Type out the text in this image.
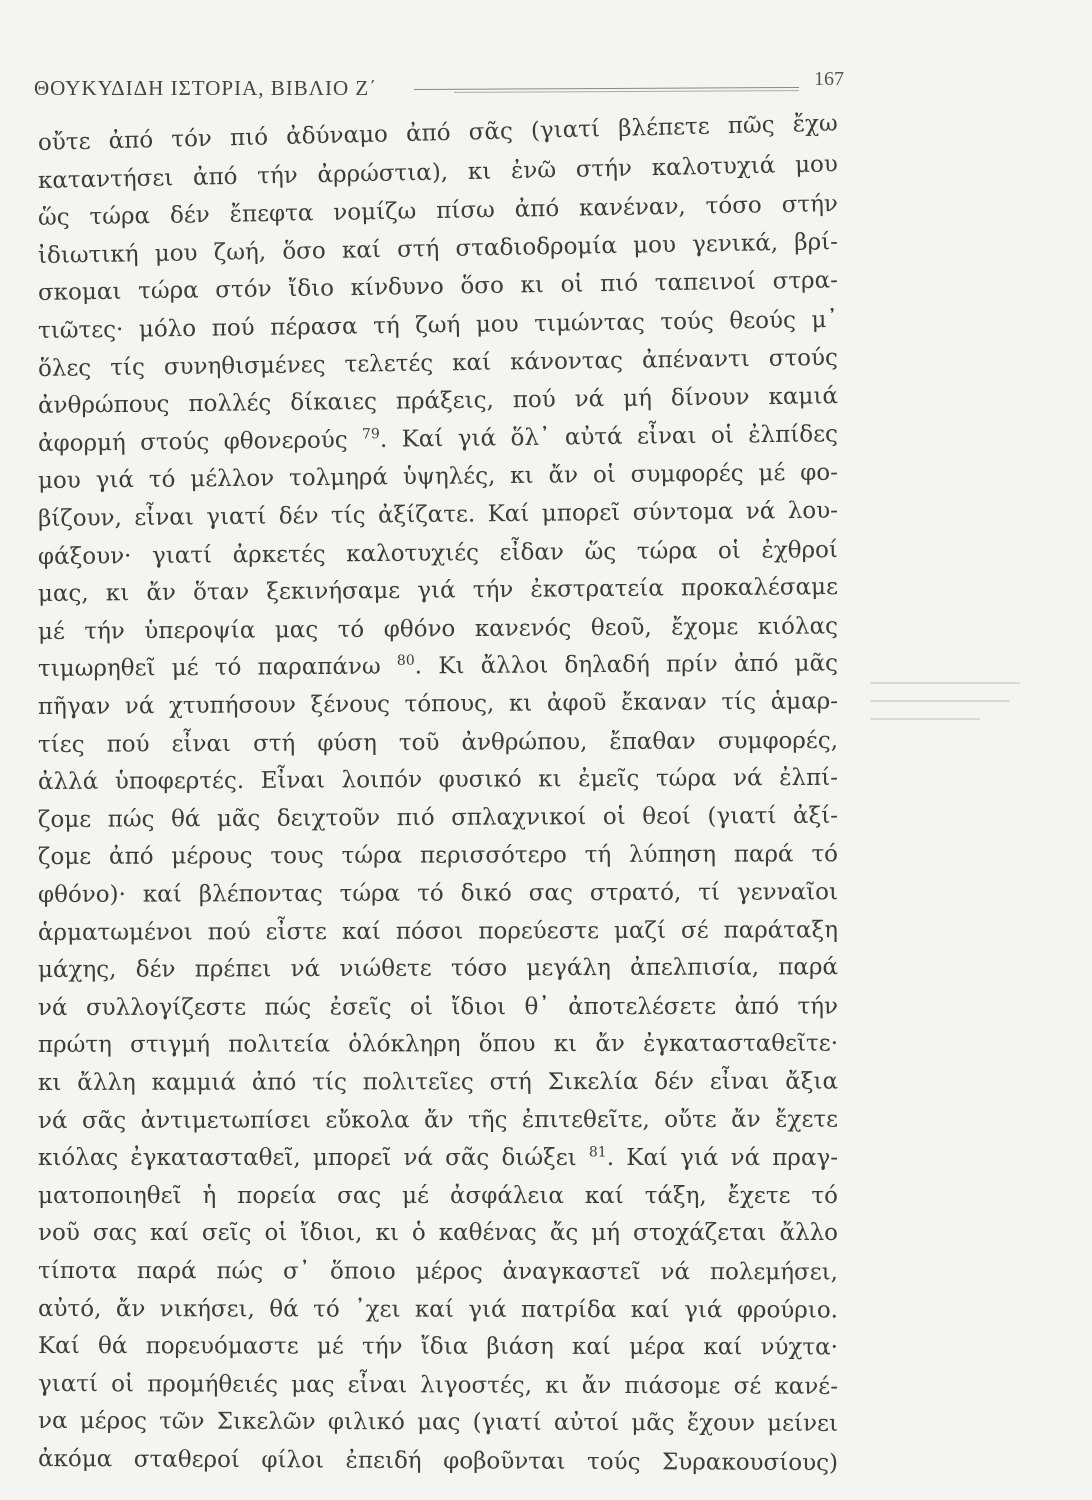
ΘΟΥΚΥΔΙΔΗ ΙΣΤΟΡΙΑ, ΒΙΒΛΙΟ Ζ΄	167
οὔτε ἀπό τόν πιό ἀδύναμο ἀπό σᾶς (γιατί βλέπετε πῶς ἔχω
καταντήσει ἀπό τήν ἀρρώστια), κι ἐνῶ στήν καλοτυχιά μου
ὥς τώρα δέν ἔπεφτα νομίζω πίσω ἀπό κανέναν, τόσο στήν
ἰδιωτική μου ζωή, ὅσο καί στή σταδιοδρομία μου γενικά, βρί-
σκομαι τώρα στόν ἴδιο κίνδυνο ὅσο κι οἱ πιό ταπεινοί στρα-
τιῶτες· μόλο πού πέρασα τή ζωή μου τιμώντας τούς θεούς μ᾽
ὅλες τίς συνηθισμένες τελετές καί κάνοντας ἀπέναντι στούς
ἀνθρώπους πολλές δίκαιες πράξεις, πού νά μή δίνουν καμιά
ἀφορμή στούς φθονερούς $^{79}$. Καί γιά ὅλ᾽ αὐτά εἶναι οἱ ἐλπίδες
μου γιά τό μέλλον τολμηρά ὑψηλές, κι ἄν οἱ συμφορές μέ φο-
βίζουν, εἶναι γιατί δέν τίς ἀξίζατε. Καί μπορεῖ σύντομα νά λου-
φάξουν· γιατί ἀρκετές καλοτυχιές εἶδαν ὥς τώρα οἱ ἐχθροί
μας, κι ἄν ὅταν ξεκινήσαμε γιά τήν ἐκστρατεία προκαλέσαμε
μέ τήν ὑπεροψία μας τό φθόνο κανενός θεοῦ, ἔχομε κιόλας
τιμωρηθεῖ μέ τό παραπάνω $^{80}$. Κι ἄλλοι δηλαδή πρίν ἀπό μᾶς
πῆγαν νά χτυπήσουν ξένους τόπους, κι ἀφοῦ ἔκαναν τίς ἁμαρ-
τίες πού εἶναι στή φύση τοῦ ἀνθρώπου, ἔπαθαν συμφορές,
ἀλλά ὑποφερτές. Εἶναι λοιπόν φυσικό κι ἐμεῖς τώρα νά ἐλπί-
ζομε πώς θά μᾶς δειχτοῦν πιό σπλαχνικοί οἱ θεοί (γιατί ἀξί-
ζομε ἀπό μέρους τους τώρα περισσότερο τή λύπηση παρά τό
φθόνο)· καί βλέποντας τώρα τό δικό σας στρατό, τί γενναῖοι
ἁρματωμένοι πού εἶστε καί πόσοι πορεύεστε μαζί σέ παράταξη
μάχης, δέν πρέπει νά νιώθετε τόσο μεγάλη ἀπελπισία, παρά
νά συλλογίζεστε πώς ἐσεῖς οἱ ἴδιοι θ᾽ ἀποτελέσετε ἀπό τήν
πρώτη στιγμή πολιτεία ὁλόκληρη ὅπου κι ἄν ἐγκατασταθεῖτε·
κι ἄλλη καμμιά ἀπό τίς πολιτεῖες στή Σικελία δέν εἶναι ἄξια
νά σᾶς ἀντιμετωπίσει εὔκολα ἄν τῆς ἐπιτεθεῖτε, οὔτε ἄν ἔχετε
κιόλας ἐγκατασταθεῖ, μπορεῖ νά σᾶς διώξει $^{81}$. Καί γιά νά πραγ-
ματοποιηθεῖ ἡ πορεία σας μέ ἀσφάλεια καί τάξη, ἔχετε τό
νοῦ σας καί σεῖς οἱ ἴδιοι, κι ὁ καθένας ἄς μή στοχάζεται ἄλλο
τίποτα παρά πώς σ᾽ ὅποιο μέρος ἀναγκαστεῖ νά πολεμήσει,
αὐτό, ἄν νικήσει, θά τό ᾽χει καί γιά πατρίδα καί γιά φρούριο.
Καί θά πορευόμαστε μέ τήν ἴδια βιάση καί μέρα καί νύχτα·
γιατί οἱ προμήθειές μας εἶναι λιγοστές, κι ἄν πιάσομε σέ κανέ-
να μέρος τῶν Σικελῶν φιλικό μας (γιατί αὐτοί μᾶς ἔχουν μείνει
ἀκόμα σταθεροί φίλοι ἐπειδή φοβοῦνται τούς Συρακουσίους)
